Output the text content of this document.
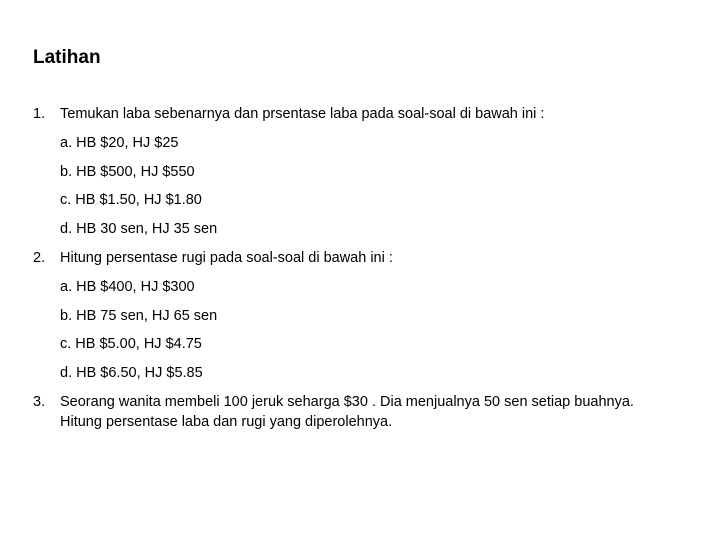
Latihan
1. Temukan laba sebenarnya dan prsentase laba pada soal-soal di bawah ini :
a. HB $20, HJ $25
b. HB $500, HJ $550
c. HB $1.50, HJ $1.80
d. HB 30 sen, HJ 35 sen
2. Hitung persentase rugi pada soal-soal di bawah ini :
a. HB $400, HJ $300
b. HB 75 sen, HJ 65 sen
c. HB $5.00, HJ $4.75
d. HB $6.50, HJ $5.85
3. Seorang wanita membeli 100 jeruk seharga $30 . Dia menjualnya 50 sen setiap buahnya. Hitung persentase laba dan rugi yang diperolehnya.
